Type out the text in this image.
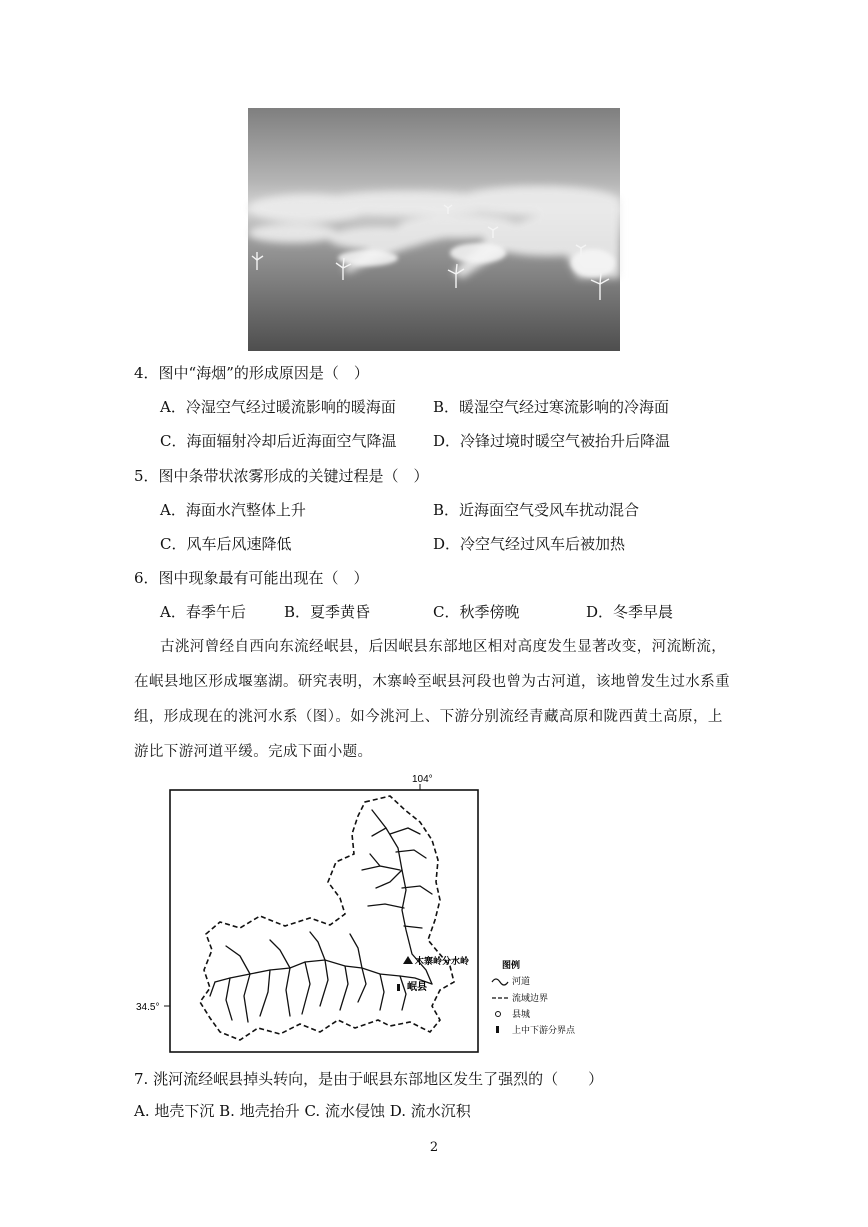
4．图中“海烟”的形成原因是（　）
A．冷湿空气经过暖流影响的暖海面 B．暖湿空气经过寒流影响的冷海面
C．海面辐射冷却后近海面空气降温 D．冷锋过境时暖空气被抬升后降温
5．图中条带状浓雾形成的关键过程是（　）
A．海面水汽整体上升	B．近海面空气受风车扰动混合
C．风车后风速降低	D．冷空气经过风车后被加热
6．图中现象最有可能出现在（　）
A．春季午后	B．夏季黄昏	C．秋季傍晚	D．冬季早晨
古洮河曾经自西向东流经岷县，后因岷县东部地区相对高度发生显著改变，河流断流，在岷县地区形成堰塞湖。研究表明，木寨岭至岷县河段也曾为古河道，该地曾发生过水系重组，形成现在的洮河水系（图）。如今洮河上、下游分别流经青藏高原和陇西黄土高原，上游比下游河道平缓。完成下面小题。
104°
34.5°
木寨岭分水岭
岷县
图例
河道
流域边界
县城
上中下游分界点
7. 洮河流经岷县掉头转向，是由于岷县东部地区发生了强烈的（　　）
A. 地壳下沉 B. 地壳抬升 C. 流水侵蚀 D. 流水沉积
2
